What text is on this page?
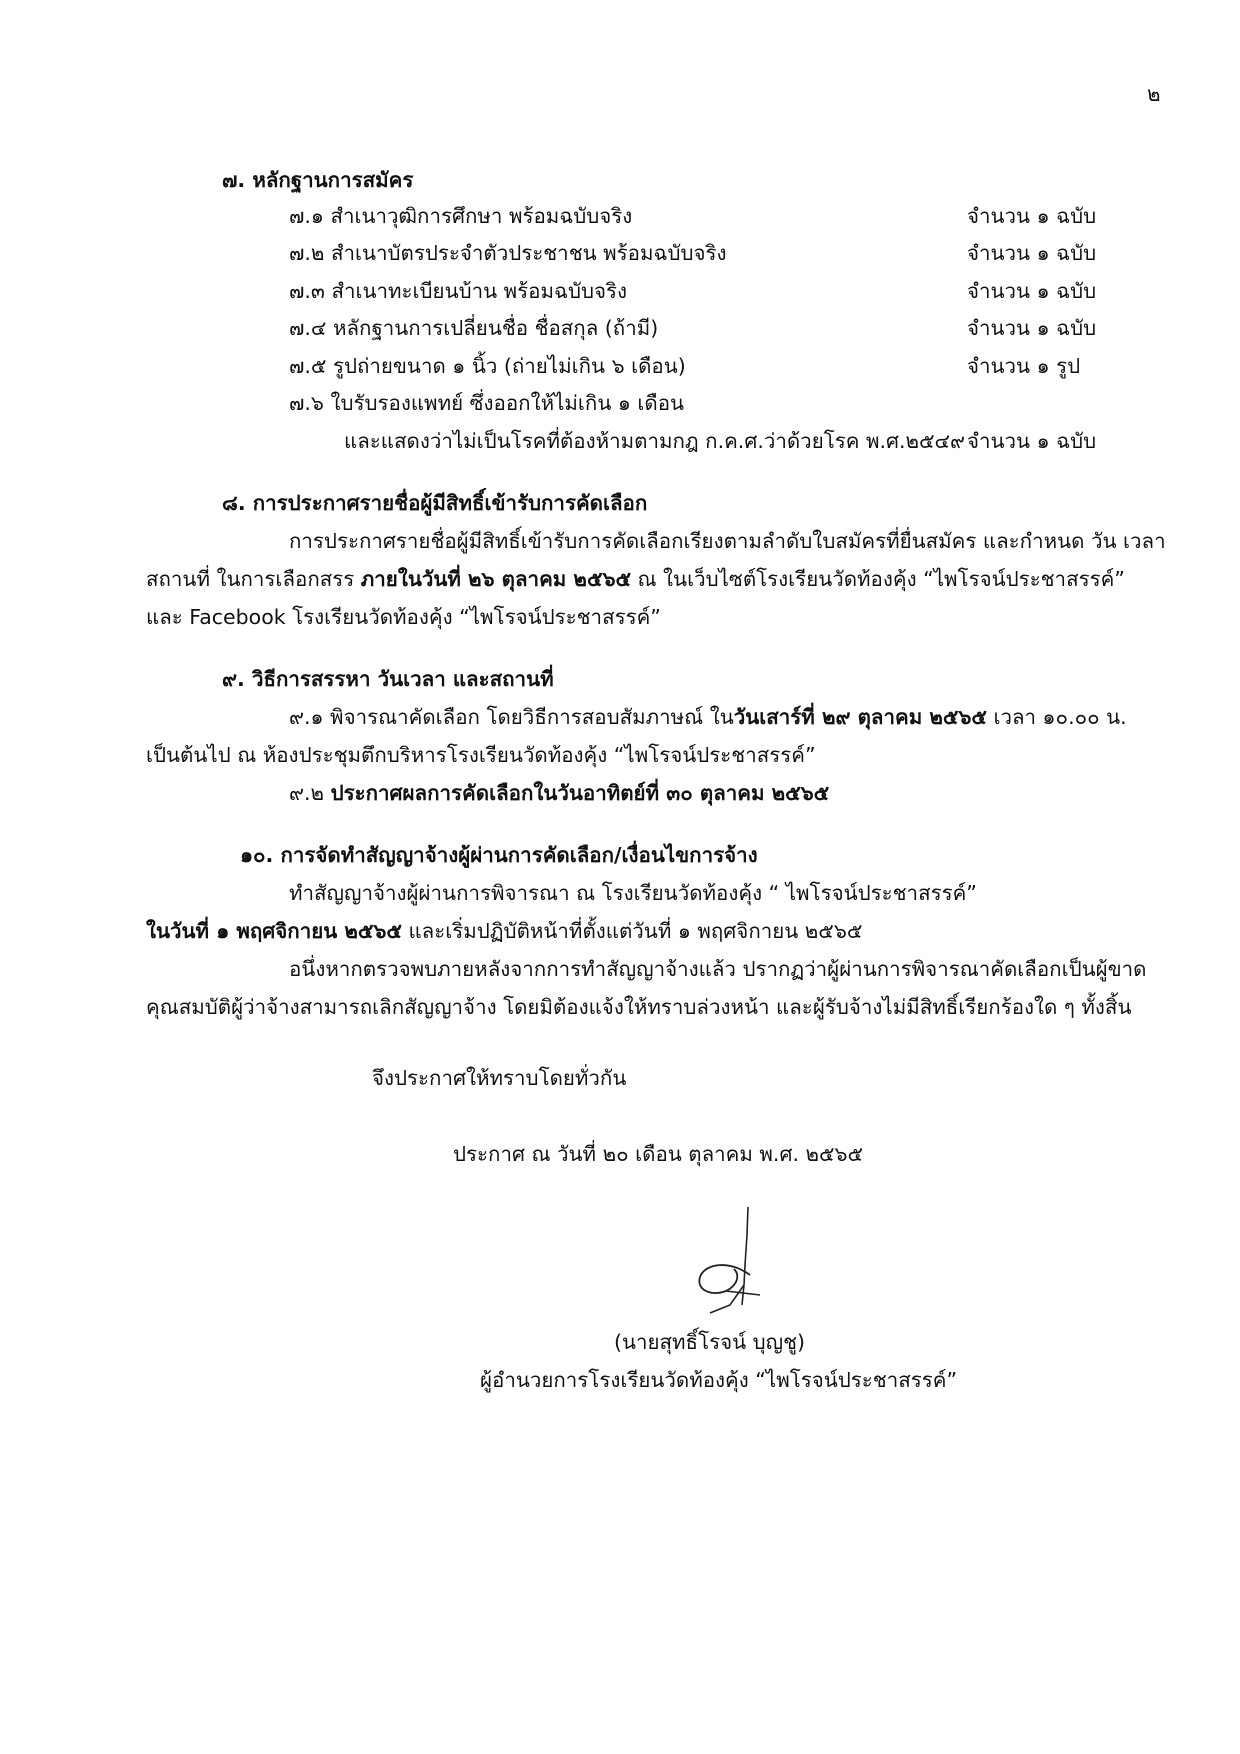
๒
๗. หลักฐานการสมัคร
๗.๑ สำเนาวุฒิการศึกษา พร้อมฉบับจริง	จำนวน ๑ ฉบับ
๗.๒ สำเนาบัตรประจำตัวประชาชน พร้อมฉบับจริง	จำนวน ๑ ฉบับ
๗.๓ สำเนาทะเบียนบ้าน พร้อมฉบับจริง	จำนวน ๑ ฉบับ
๗.๔ หลักฐานการเปลี่ยนชื่อ ชื่อสกุล (ถ้ามี)	จำนวน ๑ ฉบับ
๗.๕ รูปถ่ายขนาด ๑ นิ้ว (ถ่ายไม่เกิน ๖ เดือน)	จำนวน ๑ รูป
๗.๖ ใบรับรองแพทย์ ซึ่งออกให้ไม่เกิน ๑ เดือน
และแสดงว่าไม่เป็นโรคที่ต้องห้ามตามกฎ ก.ค.ศ.ว่าด้วยโรค พ.ศ.๒๕๔๙ จำนวน ๑ ฉบับ
๘. การประกาศรายชื่อผู้มีสิทธิ์เข้ารับการคัดเลือก
การประกาศรายชื่อผู้มีสิทธิ์เข้ารับการคัดเลือกเรียงตามลำดับใบสมัครที่ยื่นสมัคร และกำหนด วัน เวลา
สถานที่ ในการเลือกสรร ภายในวันที่ ๒๖ ตุลาคม ๒๕๖๕ ณ ในเว็บไซต์โรงเรียนวัดท้องคุ้ง “ไพโรจน์ประชาสรรค์”
และ Facebook โรงเรียนวัดท้องคุ้ง “ไพโรจน์ประชาสรรค์”
๙. วิธีการสรรหา วันเวลา และสถานที่
๙.๑ พิจารณาคัดเลือก โดยวิธีการสอบสัมภาษณ์ ในวันเสาร์ที่ ๒๙ ตุลาคม ๒๕๖๕ เวลา ๑๐.๐๐ น.
เป็นต้นไป ณ ห้องประชุมตึกบริหารโรงเรียนวัดท้องคุ้ง “ไพโรจน์ประชาสรรค์”
๙.๒ ประกาศผลการคัดเลือกในวันอาทิตย์ที่ ๓๐ ตุลาคม ๒๕๖๕
๑๐. การจัดทำสัญญาจ้างผู้ผ่านการคัดเลือก/เงื่อนไขการจ้าง
ทำสัญญาจ้างผู้ผ่านการพิจารณา ณ โรงเรียนวัดท้องคุ้ง “ ไพโรจน์ประชาสรรค์”
ในวันที่ ๑ พฤศจิกายน ๒๕๖๕ และเริ่มปฏิบัติหน้าที่ตั้งแต่วันที่ ๑ พฤศจิกายน ๒๕๖๕
อนึ่งหากตรวจพบภายหลังจากการทำสัญญาจ้างแล้ว ปรากฏว่าผู้ผ่านการพิจารณาคัดเลือกเป็นผู้ขาด
คุณสมบัติผู้ว่าจ้างสามารถเลิกสัญญาจ้าง โดยมิต้องแจ้งให้ทราบล่วงหน้า และผู้รับจ้างไม่มีสิทธิ์เรียกร้องใด ๆ ทั้งสิ้น
จึงประกาศให้ทราบโดยทั่วกัน
ประกาศ ณ วันที่ ๒๐ เดือน ตุลาคม พ.ศ. ๒๕๖๕
(นายสุทธิ์โรจน์ บุญชู)
ผู้อำนวยการโรงเรียนวัดท้องคุ้ง “ไพโรจน์ประชาสรรค์”
